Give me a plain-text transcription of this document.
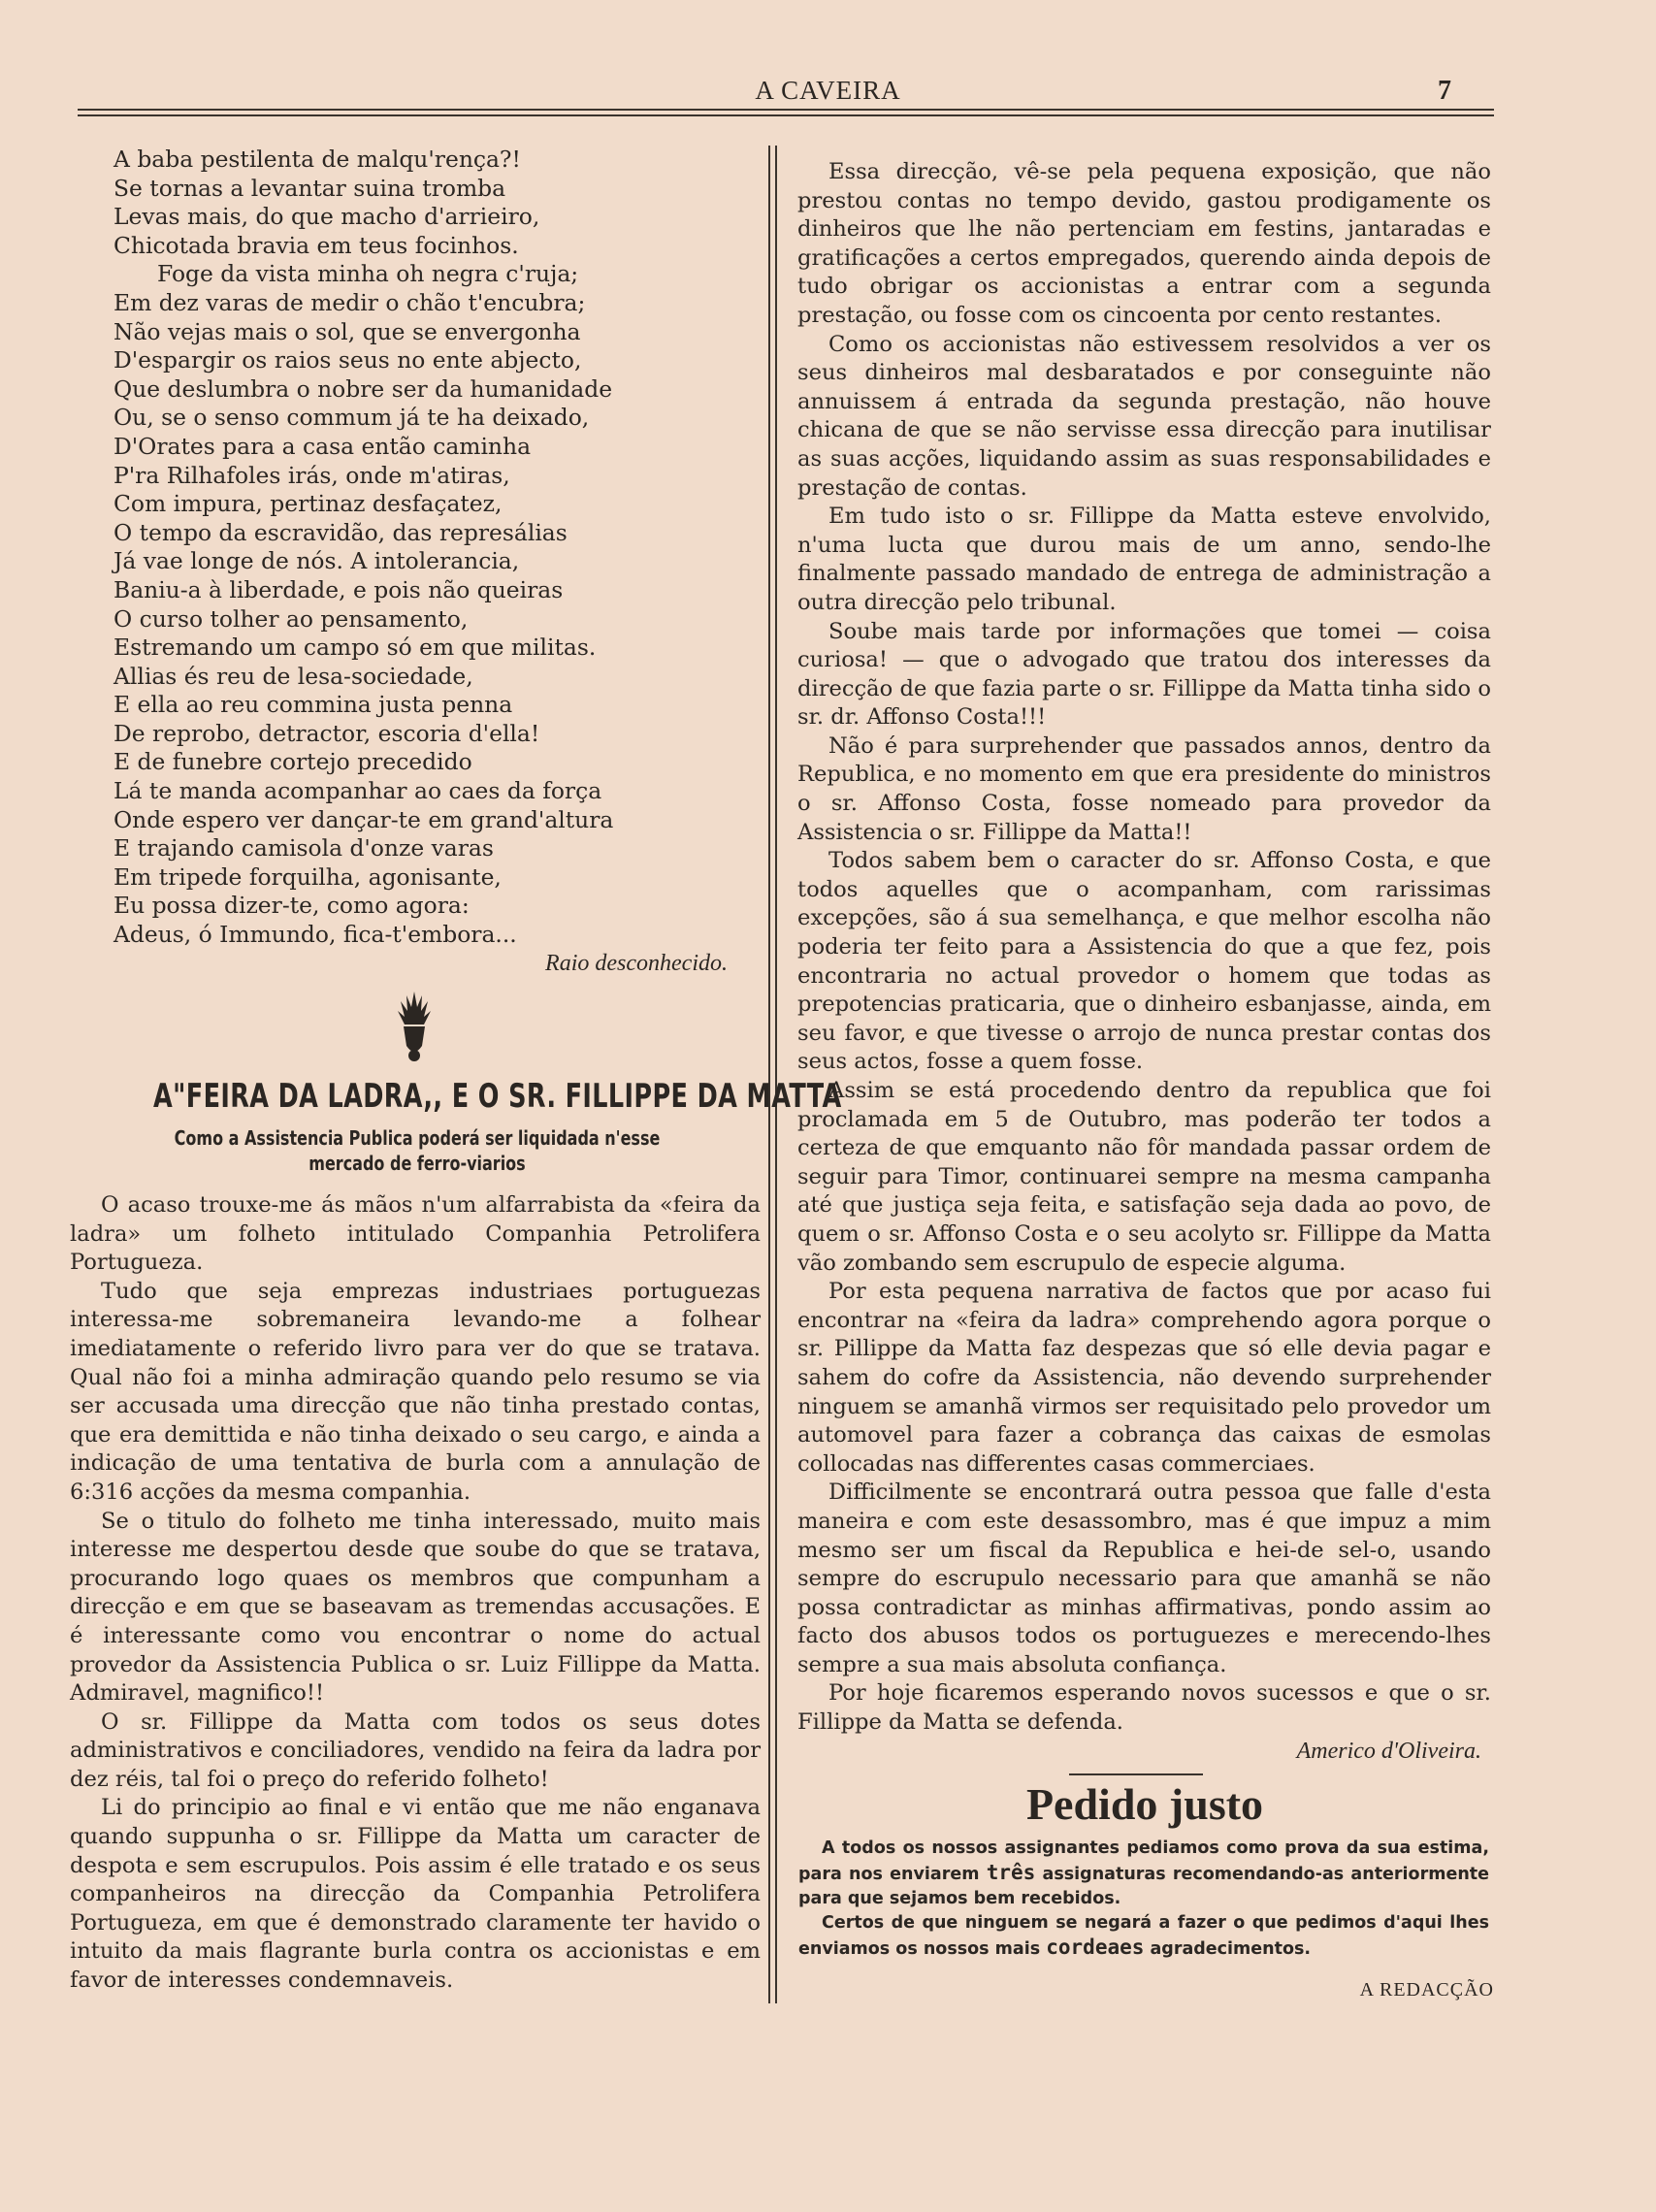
A CAVEIRA	7
A baba pestilenta de malqu'rença?!
Se tornas a levantar suina tromba
Levas mais, do que macho d'arrieiro,
Chicotada bravia em teus focinhos.
Foge da vista minha oh negra c'ruja;
Em dez varas de medir o chão t'encubra;
Não vejas mais o sol, que se envergonha
D'espargir os raios seus no ente abjecto,
Que deslumbra o nobre ser da humanidade
Ou, se o senso commum já te ha deixado,
D'Orates para a casa então caminha
P'ra Rilhafoles irás, onde m'atiras,
Com impura, pertinaz desfaçatez,
O tempo da escravidão, das represálias
Já vae longe de nós. A intolerancia,
Baniu-a à liberdade, e pois não queiras
O curso tolher ao pensamento,
Estremando um campo só em que militas.
Allias és reu de lesa-sociedade,
E ella ao reu commina justa penna
De reprobo, detractor, escoria d'ella!
E de funebre cortejo precedido
Lá te manda acompanhar ao caes da força
Onde espero ver dançar-te em grand'altura
E trajando camisola d'onze varas
Em tripede forquilha, agonisante,
Eu possa dizer-te, como agora:
Adeus, ó Immundo, fica-t'embora...
Raio desconhecido.
A"FEIRA DA LADRA,, E O SR. FILLIPPE DA MATTA
Como a Assistencia Publica poderá ser liquidada n'esse mercado de ferro-viarios

O acaso trouxe-me ás mãos n'um alfarrabista da «feira da ladra» um folheto intitulado Companhia Petrolifera Portugueza.

Tudo que seja emprezas industriaes portuguezas interessa-me sobremaneira levando-me a folhear imediatamente o referido livro para ver do que se tratava. Qual não foi a minha admiração quando pelo resumo se via ser accusada uma direcção que não tinha prestado contas, que era demittida e não tinha deixado o seu cargo, e ainda a indicação de uma tentativa de burla com a annulação de 6:316 acções da mesma companhia.

Se o titulo do folheto me tinha interessado, muito mais interesse me despertou desde que soube do que se tratava, procurando logo quaes os membros que compunham a direcção e em que se baseavam as tremendas accusações. E é interessante como vou encontrar o nome do actual provedor da Assistencia Publica o sr. Luiz Fillippe da Matta. Admiravel, magnifico!!

O sr. Fillippe da Matta com todos os seus dotes administrativos e conciliadores, vendido na feira da ladra por dez réis, tal foi o preço do referido folheto!

Li do principio ao final e vi então que me não enganava quando suppunha o sr. Fillippe da Matta um caracter de despota e sem escrupulos. Pois assim é elle tratado e os seus companheiros na direcção da Companhia Petrolifera Portugueza, em que é demonstrado claramente ter havido o intuito da mais flagrante burla contra os accionistas e em favor de interesses condemnaveis.

Essa direcção, vê-se pela pequena exposição, que não prestou contas no tempo devido, gastou prodigamente os dinheiros que lhe não pertenciam em festins, jantaradas e gratificações a certos empregados, querendo ainda depois de tudo obrigar os accionistas a entrar com a segunda prestação, ou fosse com os cincoenta por cento restantes.

Como os accionistas não estivessem resolvidos a ver os seus dinheiros mal desbaratados e por conseguinte não annuissem á entrada da segunda prestação, não houve chicana de que se não servisse essa direcção para inutilisar as suas acções, liquidando assim as suas responsabilidades e prestação de contas.

Em tudo isto o sr. Fillippe da Matta esteve envolvido, n'uma lucta que durou mais de um anno, sendo-lhe finalmente passado mandado de entrega de administração a outra direcção pelo tribunal.

Soube mais tarde por informações que tomei — coisa curiosa! — que o advogado que tratou dos interesses da direcção de que fazia parte o sr. Fillippe da Matta tinha sido o sr. dr. Affonso Costa!!!

Não é para surprehender que passados annos, dentro da Republica, e no momento em que era presidente do ministros o sr. Affonso Costa, fosse nomeado para provedor da Assistencia o sr. Fillippe da Matta!!

Todos sabem bem o caracter do sr. Affonso Costa, e que todos aquelles que o acompanham, com rarissimas excepções, são á sua semelhança, e que melhor escolha não poderia ter feito para a Assistencia do que a que fez, pois encontraria no actual provedor o homem que todas as prepotencias praticaria, que o dinheiro esbanjasse, ainda, em seu favor, e que tivesse o arrojo de nunca prestar contas dos seus actos, fosse a quem fosse.

Assim se está procedendo dentro da republica que foi proclamada em 5 de Outubro, mas poderão ter todos a certeza de que emquanto não fôr mandada passar ordem de seguir para Timor, continuarei sempre na mesma campanha até que justiça seja feita, e satisfação seja dada ao povo, de quem o sr. Affonso Costa e o seu acolyto sr. Fillippe da Matta vão zombando sem escrupulo de especie alguma.

Por esta pequena narrativa de factos que por acaso fui encontrar na «feira da ladra» comprehendo agora porque o sr. Pillippe da Matta faz despezas que só elle devia pagar e sahem do cofre da Assistencia, não devendo surprehender ninguem se amanhã virmos ser requisitado pelo provedor um automovel para fazer a cobrança das caixas de esmolas collocadas nas differentes casas commerciaes.

Difficilmente se encontrará outra pessoa que falle d'esta maneira e com este desassombro, mas é que impuz a mim mesmo ser um fiscal da Republica e hei-de sel-o, usando sempre do escrupulo necessario para que amanhã se não possa contradictar as minhas affirmativas, pondo assim ao facto dos abusos todos os portuguezes e merecendo-lhes sempre a sua mais absoluta confiança.

Por hoje ficaremos esperando novos sucessos e que o sr. Fillippe da Matta se defenda.

Americo d'Oliveira.
Pedido justo

A todos os nossos assignantes pediamos como prova da sua estima, para nos enviarem três assignaturas recomendando-as anteriormente para que sejamos bem recebidos.

Certos de que ninguem se negará a fazer o que pedimos d'aqui lhes enviamos os nossos mais cordeaes agradecimentos.

A REDACÇÃO
